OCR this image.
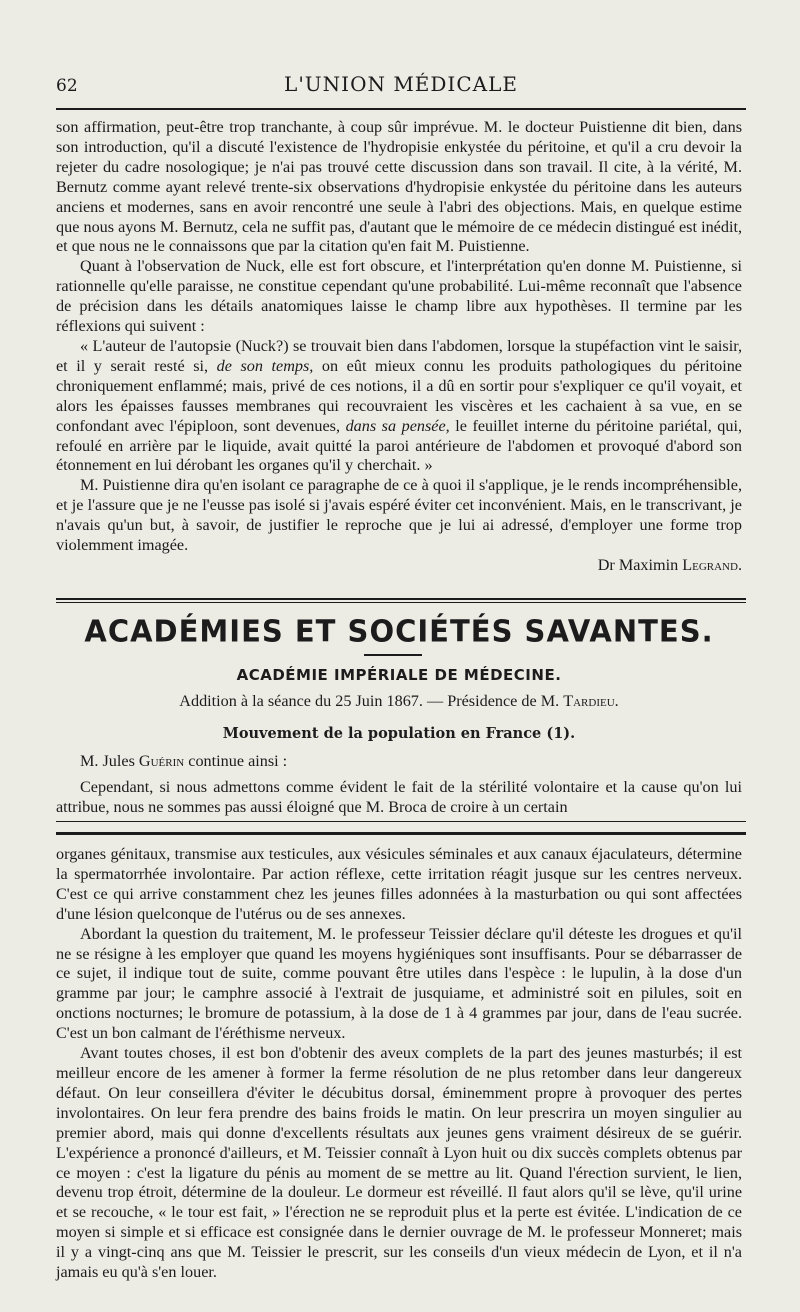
62	L'UNION MÉDICALE

son affirmation, peut-être trop tranchante, à coup sûr imprévue. M. le docteur Puistienne dit bien, dans son introduction, qu'il a discuté l'existence de l'hydropisie enkystée du péritoine, et qu'il a cru devoir la rejeter du cadre nosologique; je n'ai pas trouvé cette discussion dans son travail. Il cite, à la vérité, M. Bernutz comme ayant relevé trente-six observations d'hydropisie enkystée du péritoine dans les auteurs anciens et modernes, sans en avoir rencontré une seule à l'abri des objections. Mais, en quelque estime que nous ayons M. Bernutz, cela ne suffit pas, d'autant que le mémoire de ce médecin distingué est inédit, et que nous ne le connaissons que par la citation qu'en fait M. Puistienne.

Quant à l'observation de Nuck, elle est fort obscure, et l'interprétation qu'en donne M. Puistienne, si rationnelle qu'elle paraisse, ne constitue cependant qu'une probabilité. Lui-même reconnaît que l'absence de précision dans les détails anatomiques laisse le champ libre aux hypothèses. Il termine par les réflexions qui suivent :

« L'auteur de l'autopsie (Nuck?) se trouvait bien dans l'abdomen, lorsque la stupéfaction vint le saisir, et il y serait resté si, de son temps, on eût mieux connu les produits pathologiques du péritoine chroniquement enflammé; mais, privé de ces notions, il a dû en sortir pour s'expliquer ce qu'il voyait, et alors les épaisses fausses membranes qui recouvraient les viscères et les cachaient à sa vue, en se confondant avec l'épiploon, sont devenues, dans sa pensée, le feuillet interne du péritoine pariétal, qui, refoulé en arrière par le liquide, avait quitté la paroi antérieure de l'abdomen et provoqué d'abord son étonnement en lui dérobant les organes qu'il y cherchait. »

M. Puistienne dira qu'en isolant ce paragraphe de ce à quoi il s'applique, je le rends incompréhensible, et je l'assure que je ne l'eusse pas isolé si j'avais espéré éviter cet inconvénient. Mais, en le transcrivant, je n'avais qu'un but, à savoir, de justifier le reproche que je lui ai adressé, d'employer une forme trop violemment imagée.

Dr Maximin Legrand.

ACADÉMIES ET SOCIÉTÉS SAVANTES.
ACADÉMIE IMPÉRIALE DE MÉDECINE.
Addition à la séance du 25 Juin 1867. — Présidence de M. Tardieu.
Mouvement de la population en France (1).

M. Jules Guérin continue ainsi :

Cependant, si nous admettons comme évident le fait de la stérilité volontaire et la cause qu'on lui attribue, nous ne sommes pas aussi éloigné que M. Broca de croire à un certain

organes génitaux, transmise aux testicules, aux vésicules séminales et aux canaux éjaculateurs, détermine la spermatorrhée involontaire. Par action réflexe, cette irritation réagit jusque sur les centres nerveux. C'est ce qui arrive constamment chez les jeunes filles adonnées à la masturbation ou qui sont affectées d'une lésion quelconque de l'utérus ou de ses annexes.

Abordant la question du traitement, M. le professeur Teissier déclare qu'il déteste les drogues et qu'il ne se résigne à les employer que quand les moyens hygiéniques sont insuffisants. Pour se débarrasser de ce sujet, il indique tout de suite, comme pouvant être utiles dans l'espèce : le lupulin, à la dose d'un gramme par jour; le camphre associé à l'extrait de jusquiame, et administré soit en pilules, soit en onctions nocturnes; le bromure de potassium, à la dose de 1 à 4 grammes par jour, dans de l'eau sucrée. C'est un bon calmant de l'éréthisme nerveux.

Avant toutes choses, il est bon d'obtenir des aveux complets de la part des jeunes masturbés; il est meilleur encore de les amener à former la ferme résolution de ne plus retomber dans leur dangereux défaut. On leur conseillera d'éviter le décubitus dorsal, éminemment propre à provoquer des pertes involontaires. On leur fera prendre des bains froids le matin. On leur prescrira un moyen singulier au premier abord, mais qui donne d'excellents résultats aux jeunes gens vraiment désireux de se guérir. L'expérience a prononcé d'ailleurs, et M. Teissier connaît à Lyon huit ou dix succès complets obtenus par ce moyen : c'est la ligature du pénis au moment de se mettre au lit. Quand l'érection survient, le lien, devenu trop étroit, détermine de la douleur. Le dormeur est réveillé. Il faut alors qu'il se lève, qu'il urine et se recouche, « le tour est fait, » l'érection ne se reproduit plus et la perte est évitée. L'indication de ce moyen si simple et si efficace est consignée dans le dernier ouvrage de M. le professeur Monneret; mais il y a vingt-cinq ans que M. Teissier le prescrit, sur les conseils d'un vieux médecin de Lyon, et il n'a jamais eu qu'à s'en louer.
